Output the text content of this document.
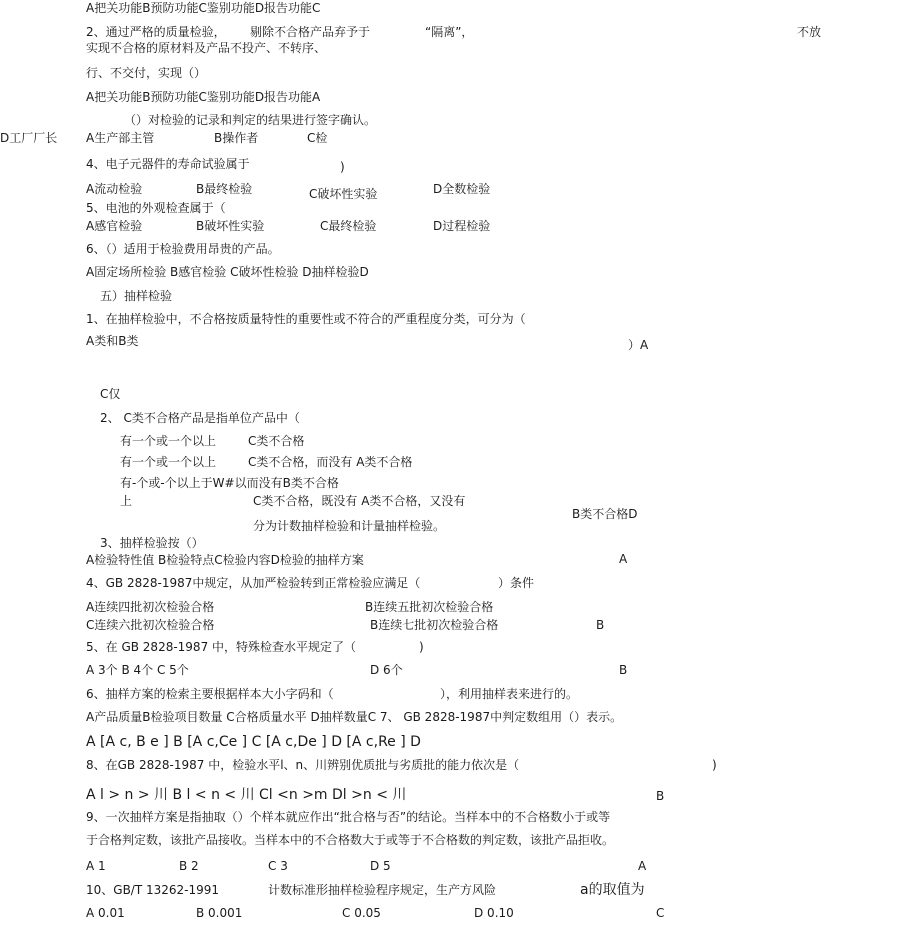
A把关功能B预防功能C鉴别功能D报告功能C
2、通过严格的质量检验， 剔除不合格产品弃予于	“隔离”，	不放
实现不合格的原材料及产品不投产、不转序、
行、不交付，实现（）
A把关功能B预防功能C鉴别功能D报告功能A
（）对检验的记录和判定的结果进行签字确认。
D工厂厂长 A生产部主管	B操作者	C检
4、电子元器件的寿命试验属于	)
A流动检验	B最终检验	C破坏性实验	D全数检验
5、电池的外观检查属于（
A感官检验	B破坏性实验	C最终检验	D过程检验
6、（）适用于检验费用昂贵的产品。
A固定场所检验 B感官检验 C破坏性检验 D抽样检验D
五）抽样检验
1、在抽样检验中，不合格按质量特性的重要性或不符合的严重程度分类，可分为（
A类和B类	）A
C仅
2、 C类不合格产品是指单位产品中（
有一个或一个以上	C类不合格
有一个或一个以上	C类不合格，而没有 A类不合格
有-个或-个以上于W#以而没有B类不合格
上	C类不合格，既没有 A类不合格，又没有
B类不合格D
分为计数抽样检验和计量抽样检验。
3、抽样检验按（）
A检验特性值 B检验特点C检验内容D检验的抽样方案	A
4、GB 2828-1987中规定，从加严检验转到正常检验应满足（	）条件
A连续四批初次检验合格	B连续五批初次检验合格
C连续六批初次检验合格	B连续七批初次检验合格	B
5、在 GB 2828-1987 中，特殊检查水平规定了（	)
A 3个 B 4个 C 5个	D 6个	B
6、抽样方案的检索主要根据样本大小字码和（	），利用抽样表来进行的。
A产品质量B检验项目数量 C合格质量水平 D抽样数量C 7、 GB 2828-1987中判定数组用（）表示。
A [A c, B e ] B [A c,Ce ] C [A c,De ] D [A c,Re ] D
8、在GB 2828-1987 中，检验水平l、n、川辨别优质批与劣质批的能力依次是（	)
A l > n > 川 B l < n < 川 Cl <n >m Dl >n < 川	B
9、一次抽样方案是指抽取（）个样本就应作出“批合格与否”的结论。当样本中的不合格数小于或等
于合格判定数，该批产品接收。当样本中的不合格数大于或等于不合格数的判定数，该批产品拒收。
A 1	B 2	C 3	D 5	A
10、GB/T 13262-1991	计数标准形抽样检验程序规定，生产方风险	a的取值为
A 0.01	B 0.001	C 0.05	D 0.10	C
